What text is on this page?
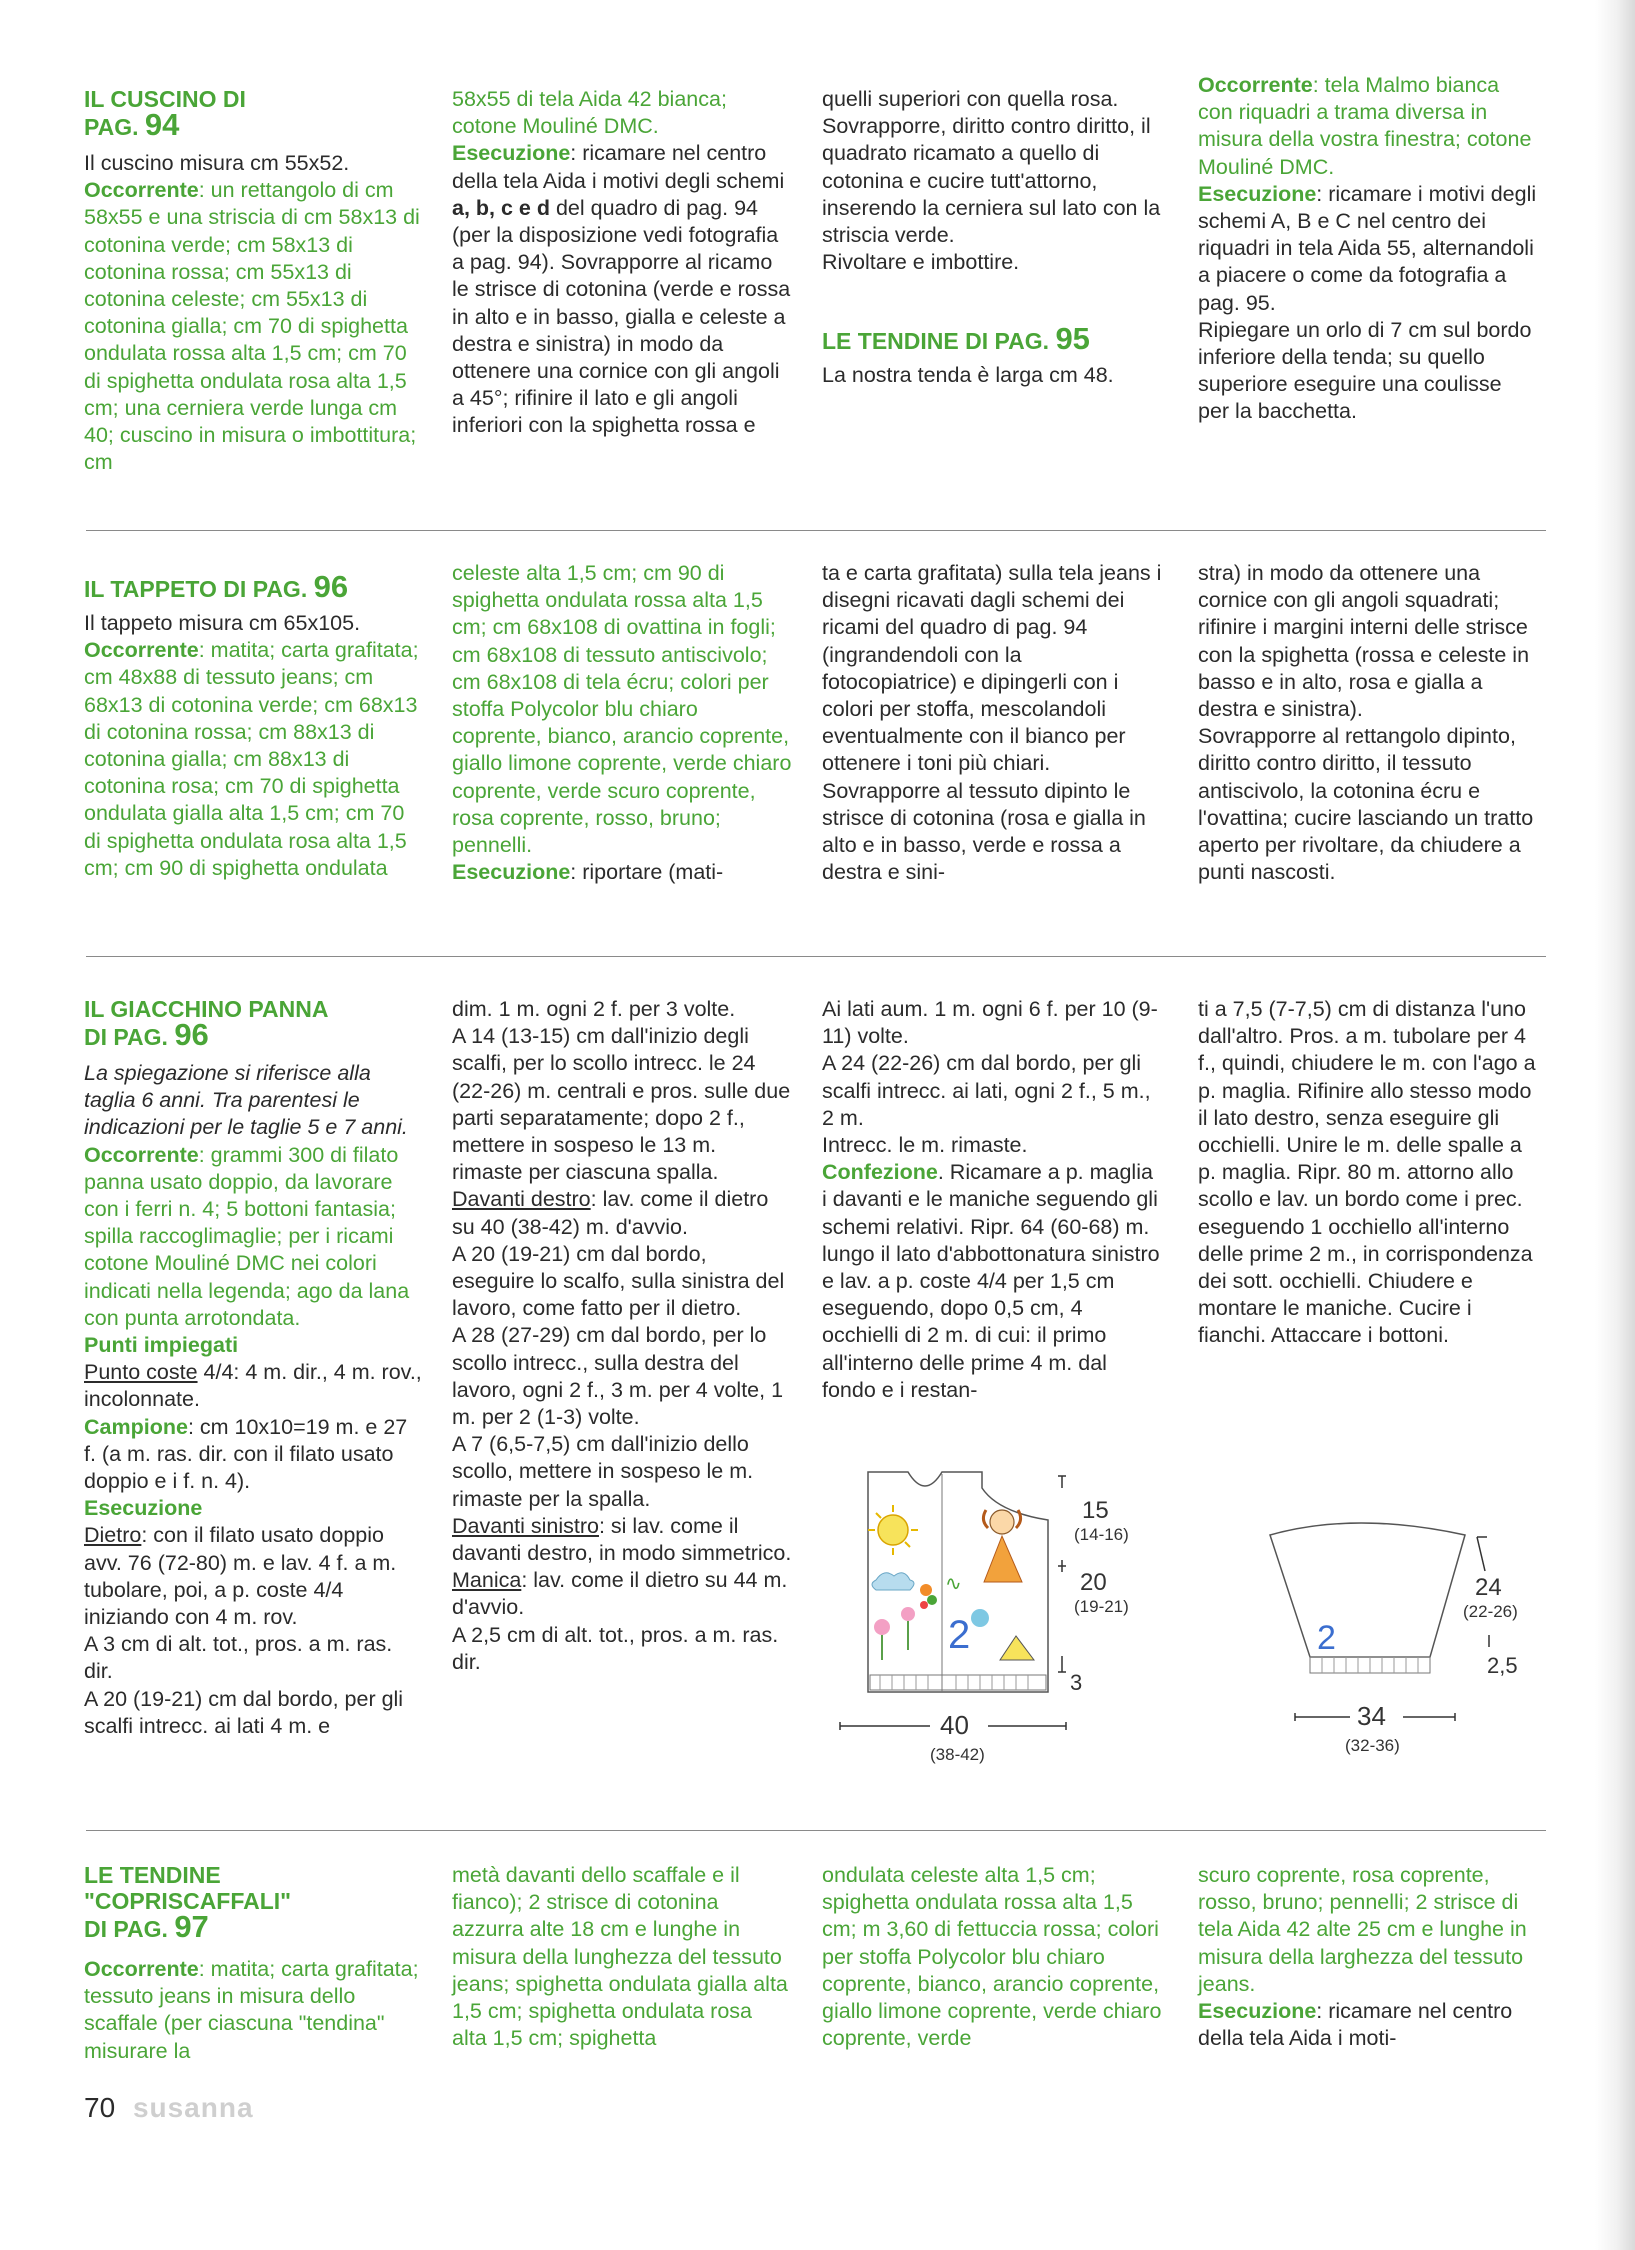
IL CUSCINO DI PAG. 94

Il cuscino misura cm 55x52.

Occorrente: un rettangolo di cm 58x55 e una striscia di cm 58x13 di cotonina verde; cm 58x13 di cotonina rossa; cm 55x13 di cotonina celeste; cm 55x13 di cotonina gialla; cm 70 di spighetta ondulata rossa alta 1,5 cm; cm 70 di spighetta ondulata rosa alta 1,5 cm; una cerniera verde lunga cm 40; cuscino in misura o imbottitura; cm

58x55 di tela Aida 42 bianca; cotone Mouliné DMC.

Esecuzione: ricamare nel centro della tela Aida i motivi degli schemi a, b, c e d del quadro di pag. 94 (per la disposizione vedi fotografia a pag. 94). Sovrapporre al ricamo le strisce di cotonina (verde e rossa in alto e in basso, gialla e celeste a destra e sinistra) in modo da ottenere una cornice con gli angoli a 45°; rifinire il lato e gli angoli inferiori con la spighetta rossa e

quelli superiori con quella rosa.

Sovrapporre, diritto contro diritto, il quadrato ricamato a quello di cotonina e cucire tutt'attorno, inserendo la cerniera sul lato con la striscia verde.

Rivoltare e imbottire.

LE TENDINE DI PAG. 95

La nostra tenda è larga cm 48.

Occorrente: tela Malmo bianca con riquadri a trama diversa in misura della vostra finestra; cotone Mouliné DMC.

Esecuzione: ricamare i motivi degli schemi A, B e C nel centro dei riquadri in tela Aida 55, alternandoli a piacere o come da fotografia a pag. 95.

Ripiegare un orlo di 7 cm sul bordo inferiore della tenda; su quello superiore eseguire una coulisse per la bacchetta.

IL TAPPETO DI PAG. 96

Il tappeto misura cm 65x105.

Occorrente: matita; carta grafitata; cm 48x88 di tessuto jeans; cm 68x13 di cotonina verde; cm 68x13 di cotonina rossa; cm 88x13 di cotonina gialla; cm 88x13 di cotonina rosa; cm 70 di spighetta ondulata gialla alta 1,5 cm; cm 70 di spighetta ondulata rosa alta 1,5 cm; cm 90 di spighetta ondulata

celeste alta 1,5 cm; cm 90 di spighetta ondulata rossa alta 1,5 cm; cm 68x108 di ovattina in fogli; cm 68x108 di tessuto antiscivolo; cm 68x108 di tela écru; colori per stoffa Polycolor blu chiaro coprente, bianco, arancio coprente, giallo limone coprente, verde chiaro coprente, verde scuro coprente, rosa coprente, rosso, bruno; pennelli.

Esecuzione: riportare (mati-

ta e carta grafitata) sulla tela jeans i disegni ricavati dagli schemi dei ricami del quadro di pag. 94 (ingrandendoli con la fotocopiatrice) e dipingerli con i colori per stoffa, mescolandoli eventualmente con il bianco per ottenere i toni più chiari.

Sovrapporre al tessuto dipinto le strisce di cotonina (rosa e gialla in alto e in basso, verde e rossa a destra e sini-

stra) in modo da ottenere una cornice con gli angoli squadrati; rifinire i margini interni delle strisce con la spighetta (rossa e celeste in basso e in alto, rosa e gialla a destra e sinistra).

Sovrapporre al rettangolo dipinto, diritto contro diritto, il tessuto antiscivolo, la cotonina écru e l'ovattina; cucire lasciando un tratto aperto per rivoltare, da chiudere a punti nascosti.

IL GIACCHINO PANNA
DI PAG. 96

La spiegazione si riferisce alla taglia 6 anni. Tra parentesi le indicazioni per le taglie 5 e 7 anni.

Occorrente: grammi 300 di filato panna usato doppio, da lavorare con i ferri n. 4; 5 bottoni fantasia; spilla raccoglimaglie; per i ricami cotone Mouliné DMC nei colori indicati nella legenda; ago da lana con punta arrotondata.

Punti impiegati

Punto coste 4/4: 4 m. dir., 4 m. rov., incolonnate.

Campione: cm 10x10=19 m. e 27 f. (a m. ras. dir. con il filato usato doppio e i f. n. 4).

Esecuzione

Dietro: con il filato usato doppio avv. 76 (72-80) m. e lav. 4 f. a m. tubolare, poi, a p. coste 4/4 iniziando con 4 m. rov.

A 3 cm di alt. tot., pros. a m. ras. dir.

A 20 (19-21) cm dal bordo, per gli scalfi intrecc. ai lati 4 m. e

dim. 1 m. ogni 2 f. per 3 volte.

A 14 (13-15) cm dall'inizio degli scalfi, per lo scollo intrecc. le 24 (22-26) m. centrali e pros. sulle due parti separatamente; dopo 2 f., mettere in sospeso le 13 m. rimaste per ciascuna spalla.

Davanti destro: lav. come il dietro su 40 (38-42) m. d'avvio.

A 20 (19-21) cm dal bordo, eseguire lo scalfo, sulla sinistra del lavoro, come fatto per il dietro.

A 28 (27-29) cm dal bordo, per lo scollo intrecc., sulla destra del lavoro, ogni 2 f., 3 m. per 4 volte, 1 m. per 2 (1-3) volte.

A 7 (6,5-7,5) cm dall'inizio dello scollo, mettere in sospeso le m. rimaste per la spalla.

Davanti sinistro: si lav. come il davanti destro, in modo simmetrico.

Manica: lav. come il dietro su 44 m. d'avvio.

A 2,5 cm di alt. tot., pros. a m. ras. dir.

Ai lati aum. 1 m. ogni 6 f. per 10 (9-11) volte.

A 24 (22-26) cm dal bordo, per gli scalfi intrecc. ai lati, ogni 2 f., 5 m., 2 m.

Intrecc. le m. rimaste.

Confezione. Ricamare a p. maglia i davanti e le maniche seguendo gli schemi relativi. Ripr. 64 (60-68) m. lungo il lato d'abbottonatura sinistro e lav. a p. coste 4/4 per 1,5 cm eseguendo, dopo 0,5 cm, 4 occhielli di 2 m. di cui: il primo all'interno delle prime 4 m. dal fondo e i restan-

ti a 7,5 (7-7,5) cm di distanza l'uno dall'altro. Pros. a m. tubolare per 4 f., quindi, chiudere le m. con l'ago a p. maglia. Rifinire allo stesso modo il lato destro, senza eseguire gli occhielli. Unire le m. delle spalle a p. maglia. Ripr. 80 m. attorno allo scollo e lav. un bordo come i prec. eseguendo 1 occhiello all'interno delle prime 2 m., in corrispondenza dei sott. occhielli. Chiudere e montare le maniche. Cucire i fianchi. Attaccare i bottoni.

2
∿
15
(14-16)
20
(19-21)
3
40
(38-42)
2
24
(22-26)
2,5
34
(32-36)

LE TENDINE
"COPRISCAFFALI"
DI PAG. 97

Occorrente: matita; carta grafitata; tessuto jeans in misura dello scaffale (per ciascuna "tendina" misurare la

metà davanti dello scaffale e il fianco); 2 strisce di cotonina azzurra alte 18 cm e lunghe in misura della lunghezza del tessuto jeans; spighetta ondulata gialla alta 1,5 cm; spighetta ondulata rosa alta 1,5 cm; spighetta

ondulata celeste alta 1,5 cm; spighetta ondulata rossa alta 1,5 cm; m 3,60 di fettuccia rossa; colori per stoffa Polycolor blu chiaro coprente, bianco, arancio coprente, giallo limone coprente, verde chiaro coprente, verde

scuro coprente, rosa coprente, rosso, bruno; pennelli; 2 strisce di tela Aida 42 alte 25 cm e lunghe in misura della larghezza del tessuto jeans.

Esecuzione: ricamare nel centro della tela Aida i moti-

70 susanna
